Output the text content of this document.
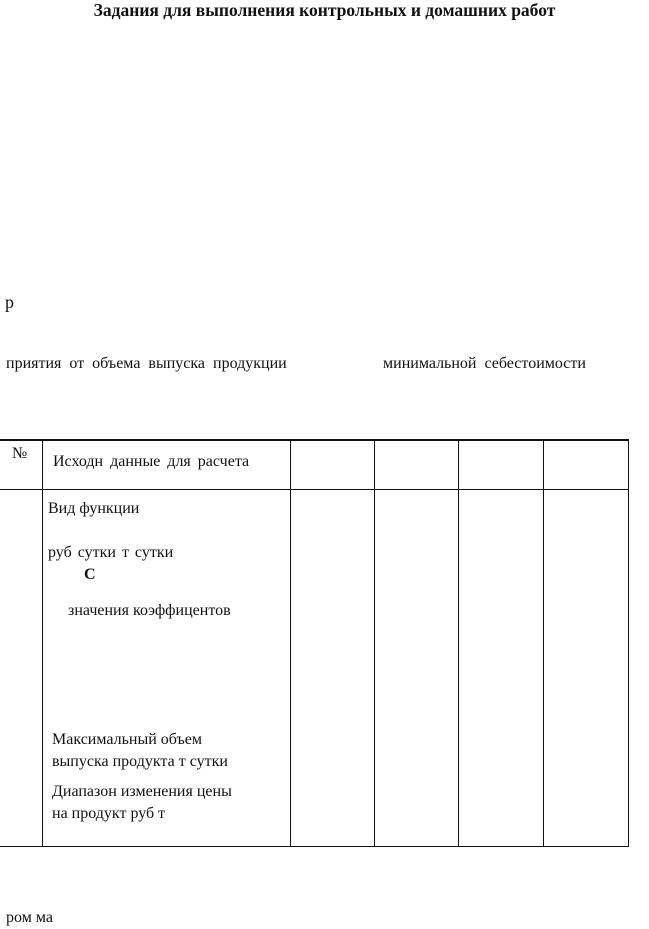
Задания для выполнения контрольных и домашних работ
р
приятия от объема выпуска продукции	минимальной себестоимости
№ Исходн данные для расчета
Вид функции
руб сутки т сутки
С
значения коэффицентов
Максимальный объем
выпуска продукта т сутки
Диапазон изменения цены
на продукт руб т
ром ма
